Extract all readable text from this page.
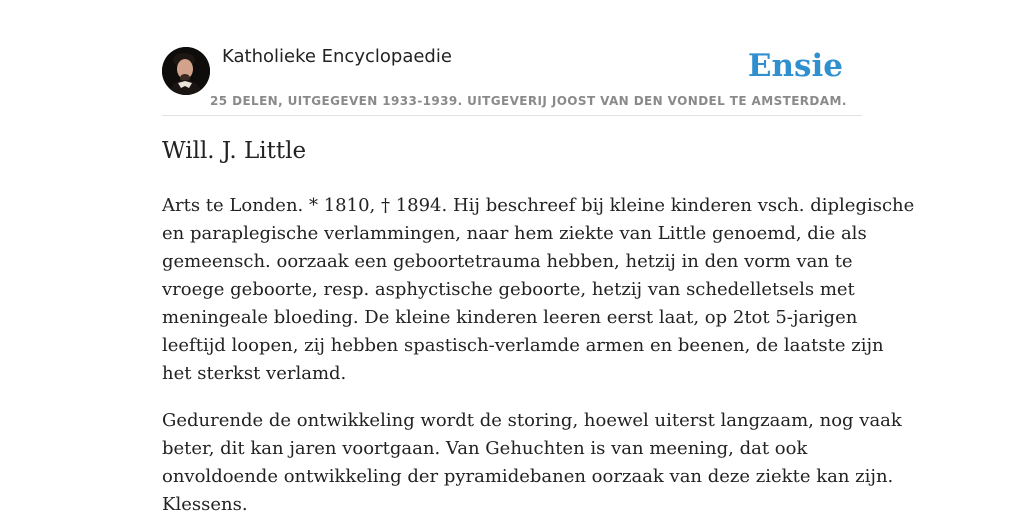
Katholieke Encyclopaedie
25 DELEN, UITGEGEVEN 1933-1939. UITGEVERIJ JOOST VAN DEN VONDEL TE AMSTERDAM.
Ensie
Will. J. Little

Arts te Londen. * 1810, † 1894. Hij beschreef bij kleine kinderen vsch. diplegische
en paraplegische verlammingen, naar hem ziekte van Little genoemd, die als
gemeensch. oorzaak een geboortetrauma hebben, hetzij in den vorm van te
vroege geboorte, resp. asphyctische geboorte, hetzij van schedelletsels met
meningeale bloeding. De kleine kinderen leeren eerst laat, op 2tot 5-jarigen
leeftijd loopen, zij hebben spastisch-verlamde armen en beenen, de laatste zijn
het sterkst verlamd.

Gedurende de ontwikkeling wordt de storing, hoewel uiterst langzaam, nog vaak
beter, dit kan jaren voortgaan. Van Gehuchten is van meening, dat ook
onvoldoende ontwikkeling der pyramidebanen oorzaak van deze ziekte kan zijn.
Klessens.
